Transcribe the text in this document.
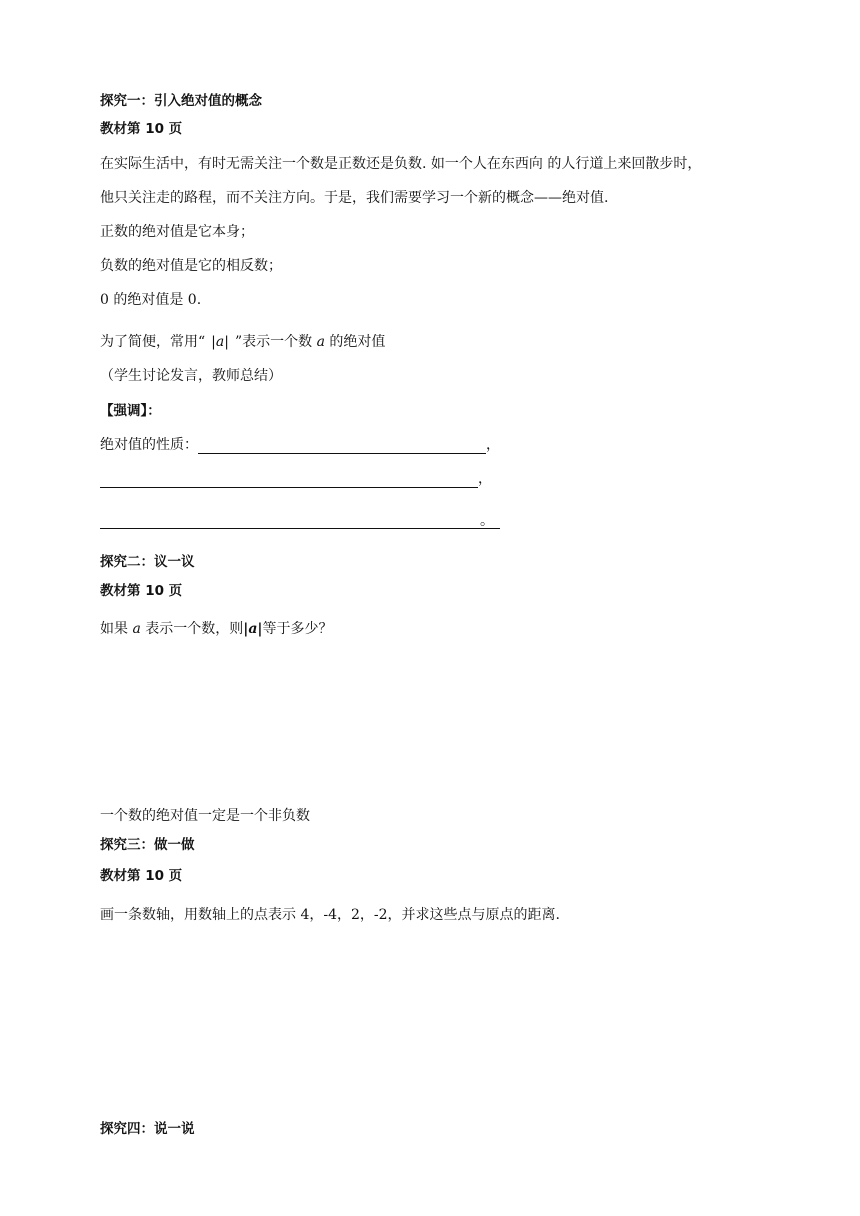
探究一：引入绝对值的概念
教材第 10 页
在实际生活中，有时无需关注一个数是正数还是负数. 如一个人在东西向 的人行道上来回散步时，
他只关注走的路程，而不关注方向。于是，我们需要学习一个新的概念——绝对值.
正数的绝对值是它本身；
负数的绝对值是它的相反数；
0 的绝对值是 0.
为了简便，常用“ |a| ”表示一个数 a 的绝对值
（学生讨论发言，教师总结）
【强调】：
绝对值的性质：	，
，
。
探究二：议一议
教材第 10 页
如果 a 表示一个数，则|a|等于多少？
一个数的绝对值一定是一个非负数
探究三：做一做
教材第 10 页
画一条数轴，用数轴上的点表示 4，-4，2，-2，并求这些点与原点的距离.
探究四：说一说
